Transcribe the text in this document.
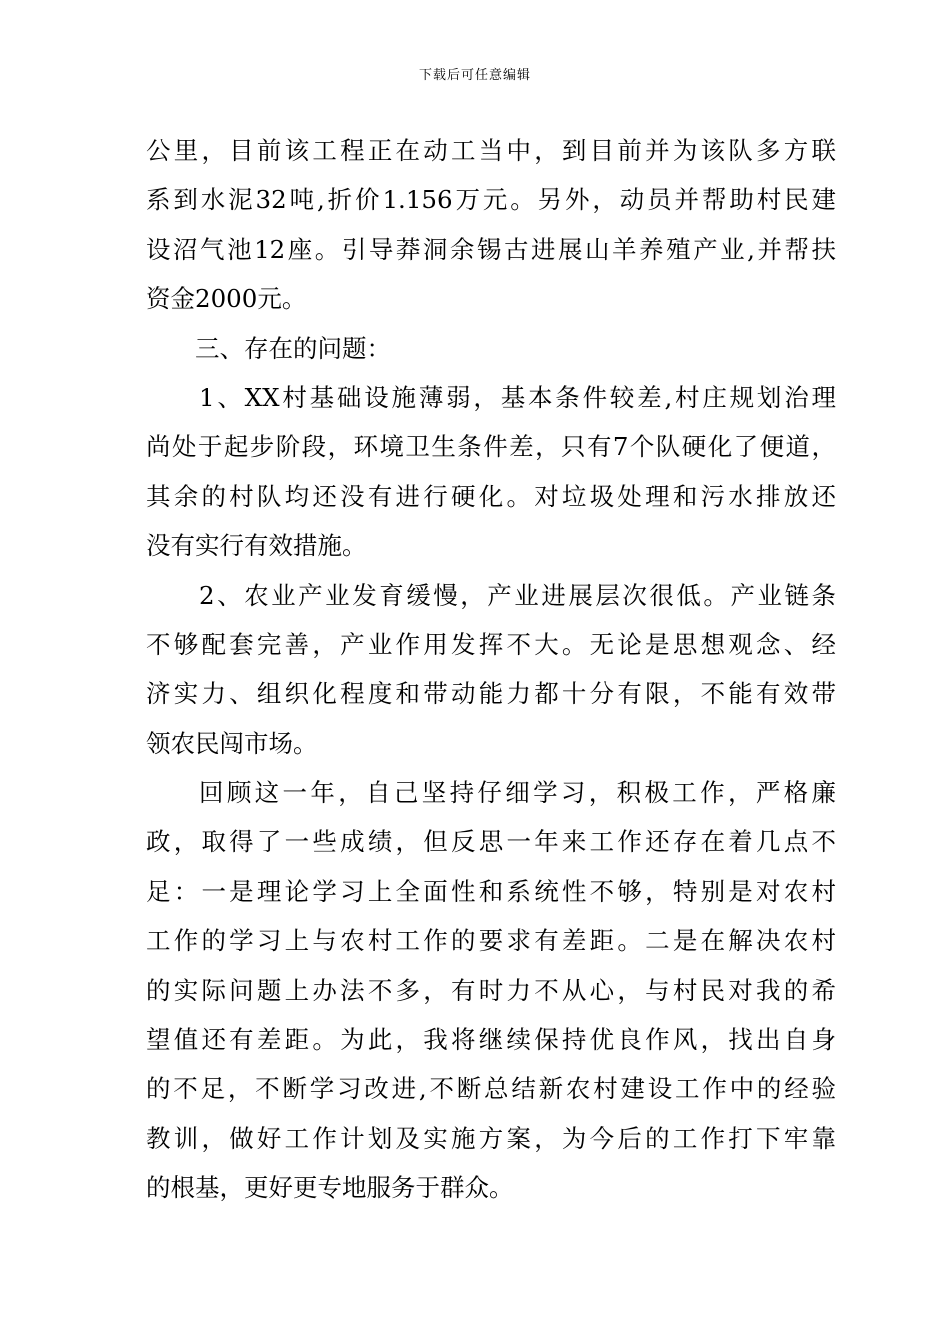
下载后可任意编辑
公里，目前该工程正在动工当中，到目前并为该队多方联
系到水泥32吨,折价1.156万元。另外，动员并帮助村民建
设沼气池12座。引导莽洞余锡古进展山羊养殖产业,并帮扶
资金2000元。
三、存在的问题：
1、XX村基础设施薄弱，基本条件较差,村庄规划治理
尚处于起步阶段，环境卫生条件差，只有7个队硬化了便道，
其余的村队均还没有进行硬化。对垃圾处理和污水排放还
没有实行有效措施。
2、农业产业发育缓慢，产业进展层次很低。产业链条
不够配套完善，产业作用发挥不大。无论是思想观念、经
济实力、组织化程度和带动能力都十分有限，不能有效带
领农民闯市场。
回顾这一年，自己坚持仔细学习，积极工作，严格廉
政，取得了一些成绩，但反思一年来工作还存在着几点不
足：一是理论学习上全面性和系统性不够，特别是对农村
工作的学习上与农村工作的要求有差距。二是在解决农村
的实际问题上办法不多，有时力不从心，与村民对我的希
望值还有差距。为此，我将继续保持优良作风，找出自身
的不足，不断学习改进,不断总结新农村建设工作中的经验
教训，做好工作计划及实施方案，为今后的工作打下牢靠
的根基，更好更专地服务于群众。
